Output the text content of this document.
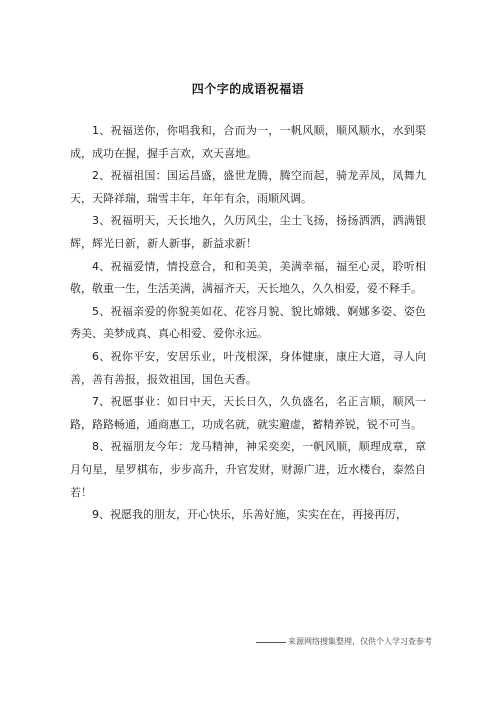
四个字的成语祝福语

1、祝福送你，你唱我和，合而为一，一帆风顺，顺风顺水，水到渠成，成功在握，握手言欢，欢天喜地。

2、祝福祖国：国运昌盛，盛世龙腾，腾空而起，骑龙弄凤，凤舞九天，天降祥瑞，瑞雪丰年，年年有余，雨顺风调。

3、祝福明天，天长地久，久历风尘，尘土飞扬，扬扬洒洒，洒满银辉，辉光日新，新人新事，新益求新！

4、祝福爱情，情投意合，和和美美，美满幸福，福至心灵，聆听相敬，敬重一生，生活美满，满福齐天，天长地久，久久相爱，爱不释手。

5、祝福亲爱的你貌美如花、花容月貌、貌比嫦娥、婀娜多姿、姿色秀美、美梦成真、真心相爱、爱你永远。

6、祝你平安，安居乐业，叶茂根深，身体健康，康庄大道，寻人向善，善有善报，报效祖国，国色天香。

7、祝愿事业：如日中天，天长日久，久负盛名，名正言顺，顺风一路，路路畅通，通商惠工，功成名就，就实避虚，蓄精养锐，锐不可当。

8、祝福朋友今年：龙马精神，神采奕奕，一帆风顺，顺理成章，章月句星，星罗棋布，步步高升，升官发财，财源广进，近水楼台，泰然自若！

9、祝愿我的朋友，开心快乐，乐善好施，实实在在，再接再厉，

来源网络搜集整理，仅供个人学习查参考
